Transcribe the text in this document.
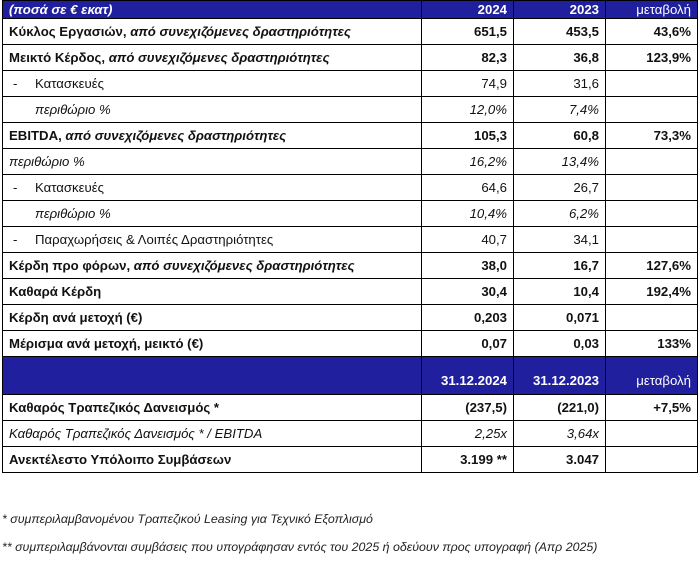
(ποσά σε € εκατ)	2024	2023	μεταβολή
Κύκλος Εργασιών, από συνεχιζόμενες δραστηριότητες	651,5	453,5	43,6%
Μεικτό Κέρδος, από συνεχιζόμενες δραστηριότητες	82,3	36,8	123,9%
- Κατασκευές	74,9	31,6	
περιθώριο %	12,0%	7,4%	
EBITDA, από συνεχιζόμενες δραστηριότητες	105,3	60,8	73,3%
περιθώριο %	16,2%	13,4%	
- Κατασκευές	64,6	26,7	
περιθώριο %	10,4%	6,2%	
- Παραχωρήσεις & Λοιπές Δραστηριότητες	40,7	34,1	
Κέρδη προ φόρων, από συνεχιζόμενες δραστηριότητες	38,0	16,7	127,6%
Καθαρά Κέρδη	30,4	10,4	192,4%
Κέρδη ανά μετοχή (€)	0,203	0,071	
Μέρισμα ανά μετοχή, μεικτό (€)	0,07	0,03	133%
	31.12.2024	31.12.2023	μεταβολή
Καθαρός Τραπεζικός Δανεισμός *	(237,5)	(221,0)	+7,5%
Καθαρός Τραπεζικός Δανεισμός * / EBITDA	2,25x	3,64x	
Ανεκτέλεστο Υπόλοιπο Συμβάσεων	3.199 **	3.047	
* συμπεριλαμβανομένου Τραπεζικού Leasing για Τεχνικό Εξοπλισμό
** συμπεριλαμβάνονται συμβάσεις που υπογράφησαν εντός του 2025 ή οδεύουν προς υπογραφή (Απρ 2025)
